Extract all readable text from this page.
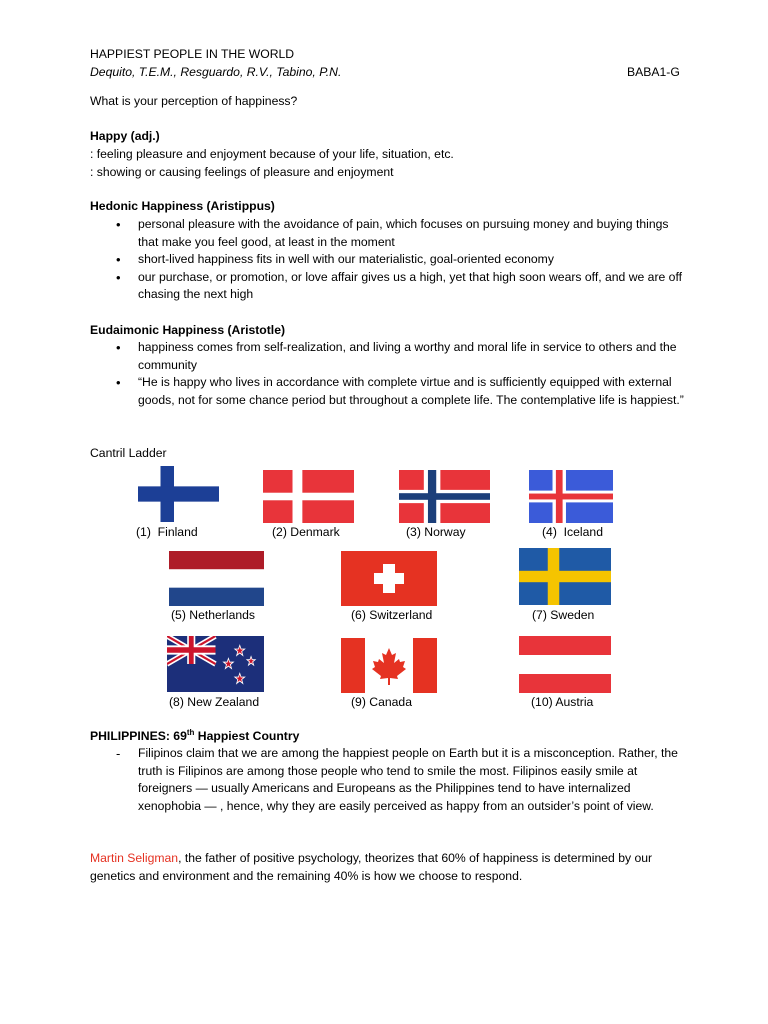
HAPPIEST PEOPLE IN THE WORLD
Dequito, T.E.M., Resguardo, R.V., Tabino, P.N.	BABA1-G
What is your perception of happiness?
Happy (adj.)
: feeling pleasure and enjoyment because of your life, situation, etc.
: showing or causing feelings of pleasure and enjoyment
Hedonic Happiness (Aristippus)
• personal pleasure with the avoidance of pain, which focuses on pursuing money and buying things that make you feel good, at least in the moment
• short-lived happiness fits in well with our materialistic, goal-oriented economy
• our purchase, or promotion, or love affair gives us a high, yet that high soon wears off, and we are off chasing the next high
Eudaimonic Happiness (Aristotle)
• happiness comes from self-realization, and living a worthy and moral life in service to others and the community
• “He is happy who lives in accordance with complete virtue and is sufficiently equipped with external goods, not for some chance period but throughout a complete life. The contemplative life is happiest.”
Cantril Ladder
(1)  Finland	(2) Denmark	(3) Norway	(4)  Iceland
(5) Netherlands	(6) Switzerland	(7) Sweden
(8) New Zealand	(9) Canada	(10) Austria
PHILIPPINES: 69th Happiest Country
- Filipinos claim that we are among the happiest people on Earth but it is a misconception. Rather, the truth is Filipinos are among those people who tend to smile the most. Filipinos easily smile at foreigners — usually Americans and Europeans as the Philippines tend to have internalized xenophobia — , hence, why they are easily perceived as happy from an outsider’s point of view.
Martin Seligman, the father of positive psychology, theorizes that 60% of happiness is determined by our genetics and environment and the remaining 40% is how we choose to respond.
